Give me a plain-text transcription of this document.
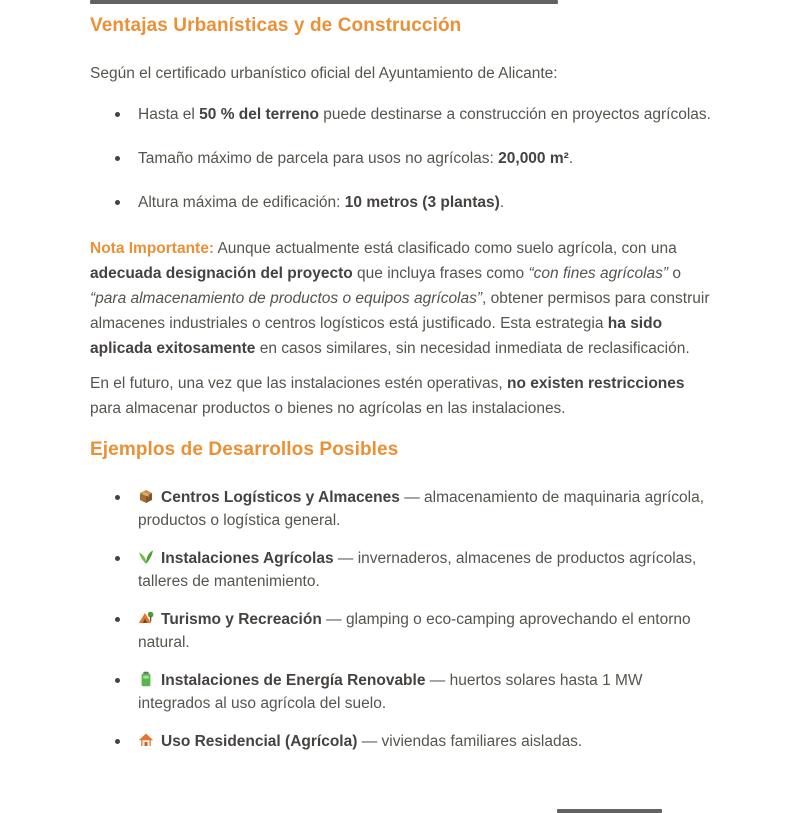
Ventajas Urbanísticas y de Construcción

Según el certificado urbanístico oficial del Ayuntamiento de Alicante:

Hasta el 50 % del terreno puede destinarse a construcción en proyectos agrícolas.
Tamaño máximo de parcela para usos no agrícolas: 20,000 m².
Altura máxima de edificación: 10 metros (3 plantas).

Nota Importante: Aunque actualmente está clasificado como suelo agrícola, con una adecuada designación del proyecto que incluya frases como “con fines agrícolas” o “para almacenamiento de productos o equipos agrícolas”, obtener permisos para construir almacenes industriales o centros logísticos está justificado. Esta estrategia ha sido aplicada exitosamente en casos similares, sin necesidad inmediata de reclasificación.

En el futuro, una vez que las instalaciones estén operativas, no existen restricciones para almacenar productos o bienes no agrícolas en las instalaciones.

Ejemplos de Desarrollos Posibles
Centros Logísticos y Almacenes — almacenamiento de maquinaria agrícola, productos o logística general.
Instalaciones Agrícolas — invernaderos, almacenes de productos agrícolas, talleres de mantenimiento.
Turismo y Recreación — glamping o eco-camping aprovechando el entorno natural.
Instalaciones de Energía Renovable — huertos solares hasta 1 MW integrados al uso agrícola del suelo.
Uso Residencial (Agrícola) — viviendas familiares aisladas.
